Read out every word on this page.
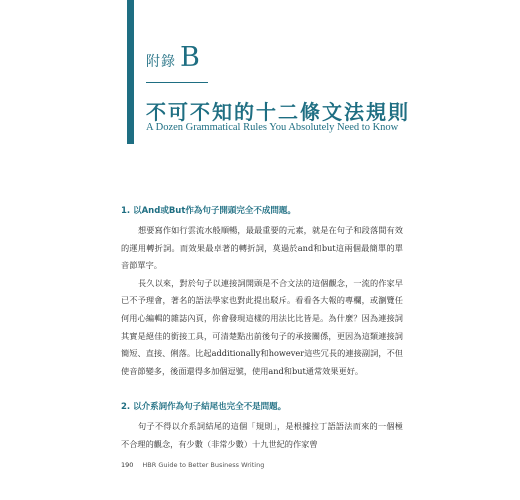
附錄 B
不可不知的十二條文法規則
A Dozen Grammatical Rules You Absolutely Need to Know
1. 以And或But作為句子開頭完全不成問題。

想要寫作如行雲流水般順暢，最最重要的元素，就是在句子和段落間有效的運用轉折詞。而效果最卓著的轉折詞，莫過於and和but這兩個最簡單的單音節單字。

長久以來，對於句子以連接詞開頭是不合文法的這個觀念，一流的作家早已不予理會，著名的語法學家也對此提出駁斥。看看各大報的專欄，或瀏覽任何用心編輯的雜誌內頁，你會發現這樣的用法比比皆是。為什麼？因為連接詞其實是絕佳的銜接工具，可清楚點出前後句子的承接關係，更因為這類連接詞簡短、直接、俐落。比起additionally和however這些冗長的連接副詞，不但使音節變多，後面還得多加個逗號，使用and和but通常效果更好。

2. 以介系詞作為句子結尾也完全不是問題。

句子不得以介系詞結尾的這個「規則」，是根據拉丁語語法而來的一個極不合理的觀念，有少數（非常少數）十九世紀的作家曾

190 HBR Guide to Better Business Writing
